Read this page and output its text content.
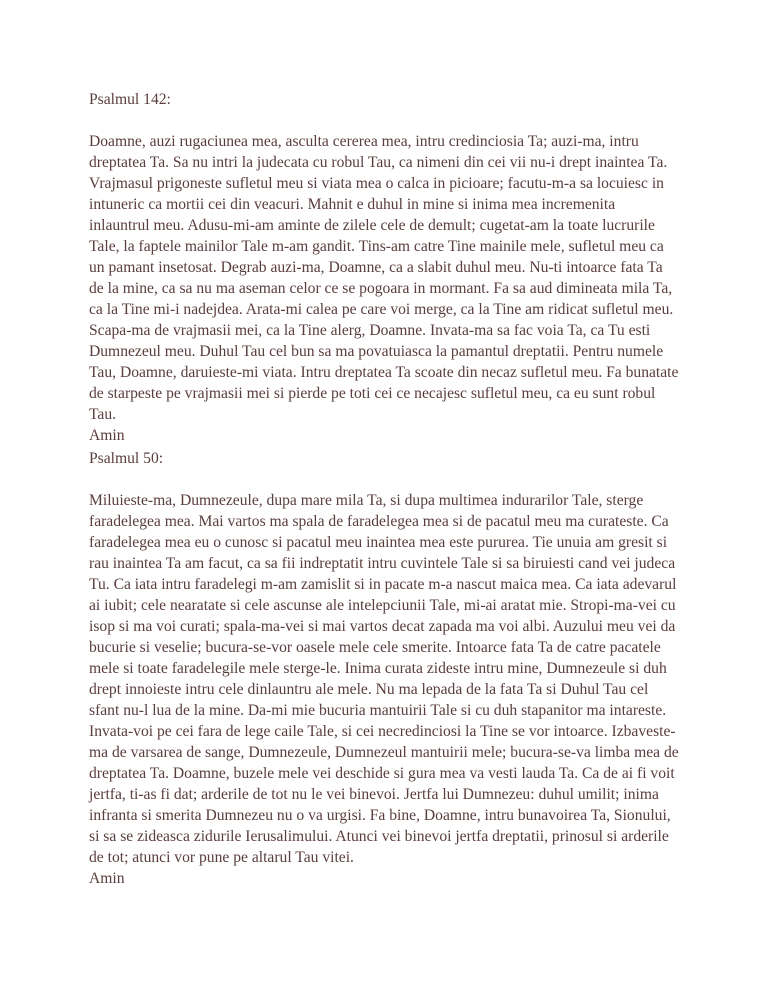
Psalmul 142:

Doamne, auzi rugaciunea mea, asculta cererea mea, intru credinciosia Ta; auzi-ma, intru dreptatea Ta. Sa nu intri la judecata cu robul Tau, ca nimeni din cei vii nu-i drept inaintea Ta. Vrajmasul prigoneste sufletul meu si viata mea o calca in picioare; facutu-m-a sa locuiesc in intuneric ca mortii cei din veacuri. Mahnit e duhul in mine si inima mea incremenita inlauntrul meu. Adusu-mi-am aminte de zilele cele de demult; cugetat-am la toate lucrurile Tale, la faptele mainilor Tale m-am gandit. Tins-am catre Tine mainile mele, sufletul meu ca un pamant insetosat. Degrab auzi-ma, Doamne, ca a slabit duhul meu. Nu-ti intoarce fata Ta de la mine, ca sa nu ma aseman celor ce se pogoara in mormant. Fa sa aud dimineata mila Ta, ca la Tine mi-i nadejdea. Arata-mi calea pe care voi merge, ca la Tine am ridicat sufletul meu. Scapa-ma de vrajmasii mei, ca la Tine alerg, Doamne. Invata-ma sa fac voia Ta, ca Tu esti Dumnezeul meu. Duhul Tau cel bun sa ma povatuiasca la pamantul dreptatii. Pentru numele Tau, Doamne, daruieste-mi viata. Intru dreptatea Ta scoate din necaz sufletul meu. Fa bunatate de starpeste pe vrajmasii mei si pierde pe toti cei ce necajesc sufletul meu, ca eu sunt robul Tau.

Amin

Psalmul 50:

Miluieste-ma, Dumnezeule, dupa mare mila Ta, si dupa multimea indurarilor Tale, sterge faradelegea mea. Mai vartos ma spala de faradelegea mea si de pacatul meu ma curateste. Ca faradelegea mea eu o cunosc si pacatul meu inaintea mea este pururea. Tie unuia am gresit si rau inaintea Ta am facut, ca sa fii indreptatit intru cuvintele Tale si sa biruiesti cand vei judeca Tu. Ca iata intru faradelegi m-am zamislit si in pacate m-a nascut maica mea. Ca iata adevarul ai iubit; cele nearatate si cele ascunse ale intelepciunii Tale, mi-ai aratat mie. Stropi-ma-vei cu isop si ma voi curati; spala-ma-vei si mai vartos decat zapada ma voi albi. Auzului meu vei da bucurie si veselie; bucura-se-vor oasele mele cele smerite. Intoarce fata Ta de catre pacatele mele si toate faradelegile mele sterge-le. Inima curata zideste intru mine, Dumnezeule si duh drept innoieste intru cele dinlauntru ale mele. Nu ma lepada de la fata Ta si Duhul Tau cel sfant nu-l lua de la mine. Da-mi mie bucuria mantuirii Tale si cu duh stapanitor ma intareste. Invata-voi pe cei fara de lege caile Tale, si cei necredinciosi la Tine se vor intoarce. Izbaveste-ma de varsarea de sange, Dumnezeule, Dumnezeul mantuirii mele; bucura-se-va limba mea de dreptatea Ta. Doamne, buzele mele vei deschide si gura mea va vesti lauda Ta. Ca de ai fi voit jertfa, ti-as fi dat; arderile de tot nu le vei binevoi. Jertfa lui Dumnezeu: duhul umilit; inima infranta si smerita Dumnezeu nu o va urgisi. Fa bine, Doamne, intru bunavoirea Ta, Sionului, si sa se zideasca zidurile Ierusalimului. Atunci vei binevoi jertfa dreptatii, prinosul si arderile de tot; atunci vor pune pe altarul Tau vitei.

Amin
